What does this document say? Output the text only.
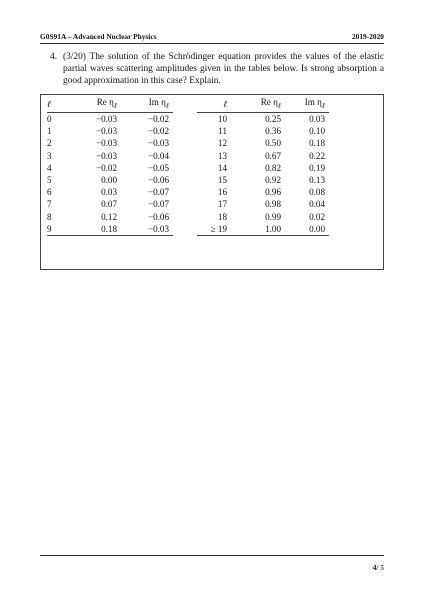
G0S91A – Advanced Nuclear Physics	2019-2020
4. (3/20) The solution of the Schrödinger equation provides the values of the elastic partial waves scattering amplitudes given in the tables below. Is strong absorption a good approximation in this case? Explain.
ℓ	Re $\eta_\ell$	Im $\eta_\ell$
0	−0.03	−0.02
1	−0.03	−0.02
2	−0.03	−0.03
3	−0.03	−0.04
4	−0.02	−0.05
5	0.00	−0.06
6	0.03	−0.07
7	0.07	−0.07
8	0.12	−0.06
9	0.18	−0.03
ℓ	Re $\eta_\ell$	Im $\eta_\ell$
10	0.25	0.03
11	0.36	0.10
12	0.50	0.18
13	0.67	0.22
14	0.82	0.19
15	0.92	0.13
16	0.96	0.08
17	0.98	0.04
18	0.99	0.02
≥ 19	1.00	0.00
4/ 5
